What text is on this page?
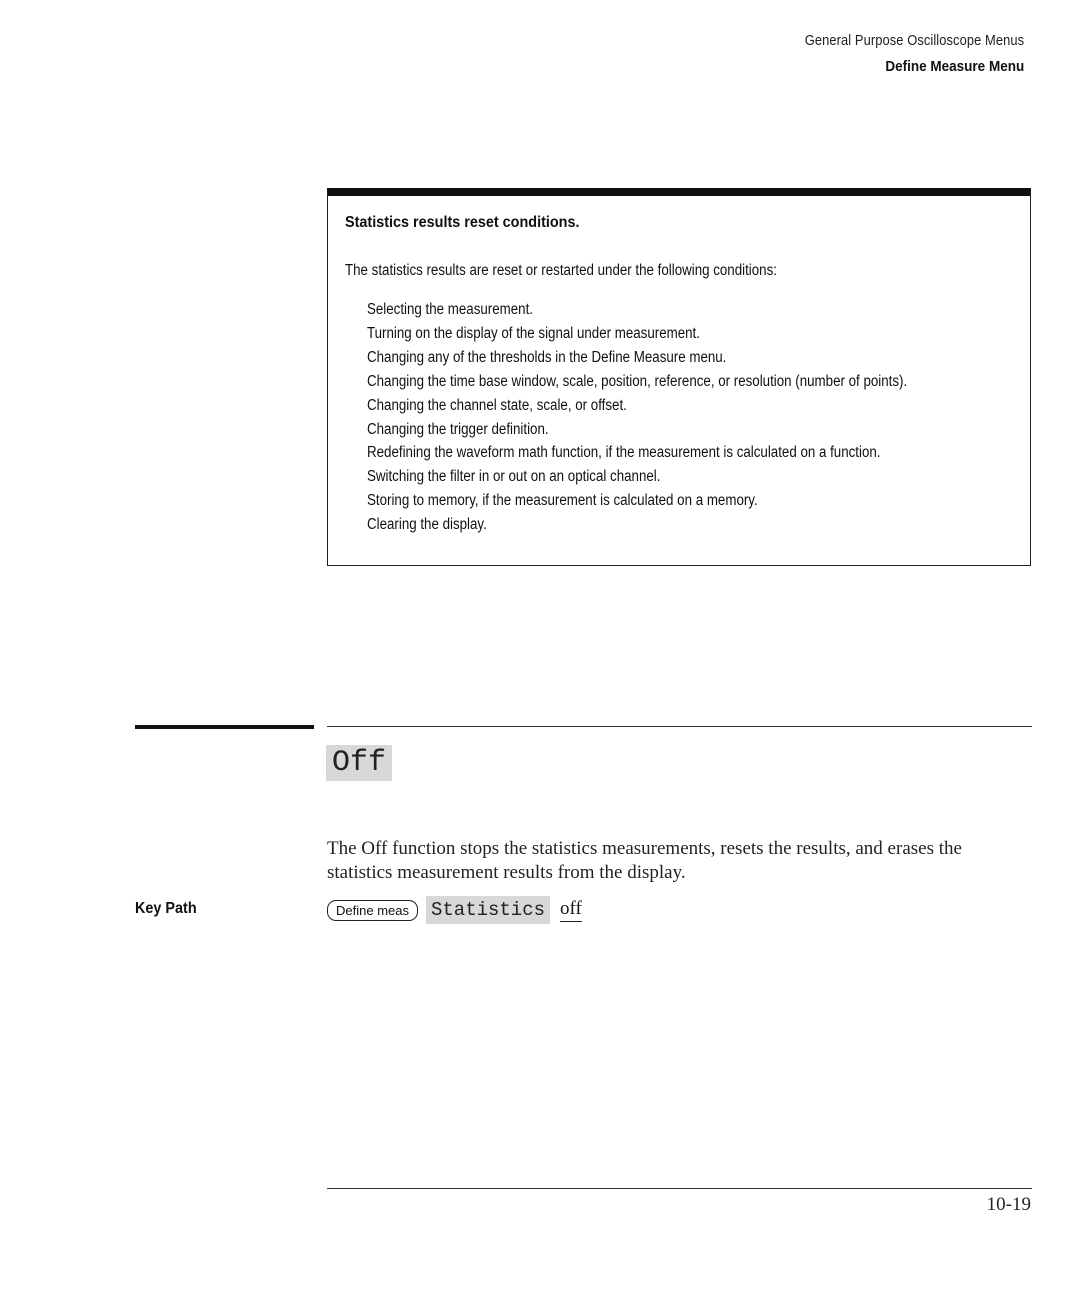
General Purpose Oscilloscope Menus
Define Measure Menu
Statistics results reset conditions.
The statistics results are reset or restarted under the following conditions:
Selecting the measurement.
Turning on the display of the signal under measurement.
Changing any of the thresholds in the Define Measure menu.
Changing the time base window, scale, position, reference, or resolution (number of points).
Changing the channel state, scale, or offset.
Changing the trigger definition.
Redefining the waveform math function, if the measurement is calculated on a function.
Switching the filter in or out on an optical channel.
Storing to memory, if the measurement is calculated on a memory.
Clearing the display.
Off

The Off function stops the statistics measurements, resets the results, and erases the statistics measurement results from the display.

Key Path	Define meas	Statistics off
10-19
